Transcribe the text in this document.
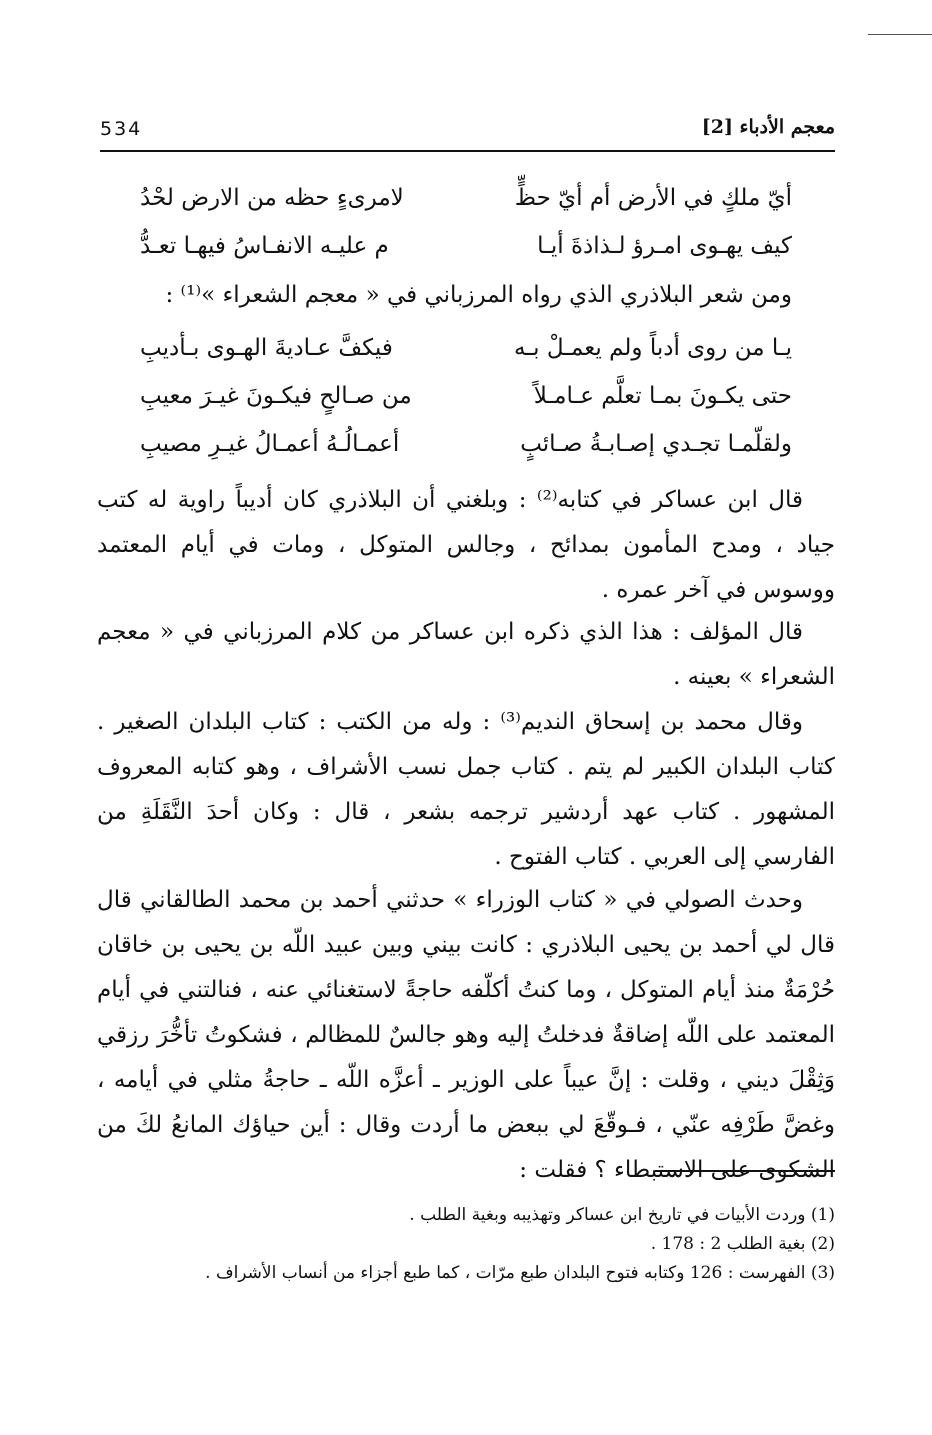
534	معجم الأدباء [2]
أيّ ملكٍ في الأرض أم أيّ حظٍّ
لامرىءٍ حظه من الارض لحْدُ
كيف يهـوى امـرؤ لـذاذةَ أيـا
م عليـه الانفـاسُ فيهـا تعـدُّ
ومن شعر البلاذري الذي رواه المرزباني في « معجم الشعراء »⁽¹⁾ :
يـا من روى أدباً ولم يعمـلْ بـه
فيكفَّ عـاديةَ الهـوى بـأديبِ
حتى يكـونَ بمـا تعلَّم عـامـلاً
من صـالحٍ فيكـونَ غيـرَ معيبِ
ولقلّمـا تجـدي إصـابـةُ صـائبٍ
أعمـالُـهُ أعمـالُ غيـرِ مصيبِ
قال ابن عساكر في كتابه⁽²⁾ : وبلغني أن البلاذري كان أديباً راوية له كتب جياد ، ومدح المأمون بمدائح ، وجالس المتوكل ، ومات في أيام المعتمد ووسوس في آخر عمره .
قال المؤلف : هذا الذي ذكره ابن عساكر من كلام المرزباني في « معجم الشعراء » بعينه .
وقال محمد بن إسحاق النديم⁽³⁾ : وله من الكتب : كتاب البلدان الصغير . كتاب البلدان الكبير لم يتم . كتاب جمل نسب الأشراف ، وهو كتابه المعروف المشهور . كتاب عهد أردشير ترجمه بشعر ، قال : وكان أحدَ النَّقَلَةِ من الفارسي إلى العربي . كتاب الفتوح .
وحدث الصولي في « كتاب الوزراء » حدثني أحمد بن محمد الطالقاني قال قال لي أحمد بن يحيى البلاذري : كانت بيني وبين عبيد اللّه بن يحيى بن خاقان حُرْمَةٌ منذ أيام المتوكل ، وما كنتُ أكلّفه حاجةً لاستغنائي عنه ، فنالتني في أيام المعتمد على اللّه إضاقةٌ فدخلتُ إليه وهو جالسٌ للمظالم ، فشكوتُ تأخُّرَ رزقي وَثِقْلَ ديني ، وقلت : إنَّ عيباً على الوزير ـ أعزَّه اللّه ـ حاجةُ مثلي في أيامه ، وغضَّ طَرْفِه عنّي ، فـوقّعَ لي ببعض ما أردت وقال : أين حياؤك المانعُ لكَ من الشكوى على الاستبطاء ؟ فقلت :
(1) وردت الأبيات في تاريخ ابن عساكر وتهذيبه وبغية الطلب .
(2) بغية الطلب 2 : 178 .
(3) الفهرست : 126 وكتابه فتوح البلدان طبع مرّات ، كما طبع أجزاء من أنساب الأشراف .
